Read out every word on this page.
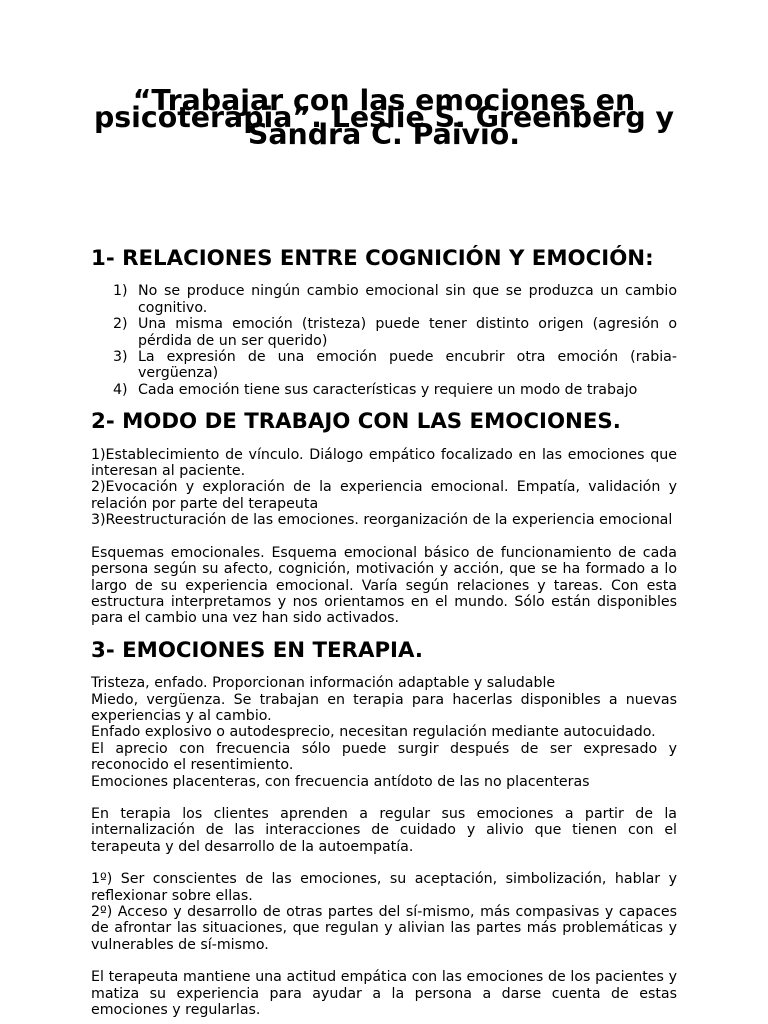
“Trabajar con las emociones en psicoterapia”. Leslie S. Greenberg y Sandra C. Paivio.
1- RELACIONES ENTRE COGNICIÓN Y EMOCIÓN:
1) No se produce ningún cambio emocional sin que se produzca un cambio cognitivo.
2) Una misma emoción (tristeza) puede tener distinto origen (agresión o pérdida de un ser querido)
3) La expresión de una emoción puede encubrir otra emoción (rabia-vergüenza)
4) Cada emoción tiene sus características y requiere un modo de trabajo
2- MODO DE TRABAJO CON LAS EMOCIONES.

1)Establecimiento de vínculo. Diálogo empático focalizado en las emociones que interesan al paciente.

2)Evocación y exploración de la experiencia emocional. Empatía, validación y relación por parte del terapeuta

3)Reestructuración de las emociones. reorganización de la experiencia emocional

Esquemas emocionales. Esquema emocional básico de funcionamiento de cada persona según su afecto, cognición, motivación y acción, que se ha formado a lo largo de su experiencia emocional. Varía según relaciones y tareas. Con esta estructura interpretamos y nos orientamos en el mundo. Sólo están disponibles para el cambio una vez han sido activados.

3- EMOCIONES EN TERAPIA.

Tristeza, enfado. Proporcionan información adaptable y saludable

Miedo, vergüenza. Se trabajan en terapia para hacerlas disponibles a nuevas experiencias y al cambio.

Enfado explosivo o autodesprecio, necesitan regulación mediante autocuidado.

El aprecio con frecuencia sólo puede surgir después de ser expresado y reconocido el resentimiento.

Emociones placenteras, con frecuencia antídoto de las no placenteras

En terapia los clientes aprenden a regular sus emociones a partir de la internalización de las interacciones de cuidado y alivio que tienen con el terapeuta y del desarrollo de la autoempatía.

1º) Ser conscientes de las emociones, su aceptación, simbolización, hablar y reflexionar sobre ellas.

2º) Acceso y desarrollo de otras partes del sí-mismo, más compasivas y capaces de afrontar las situaciones, que regulan y alivian las partes más problemáticas y vulnerables de sí-mismo.

El terapeuta mantiene una actitud empática con las emociones de los pacientes y matiza su experiencia para ayudar a la persona a darse cuenta de estas emociones y regularlas.
